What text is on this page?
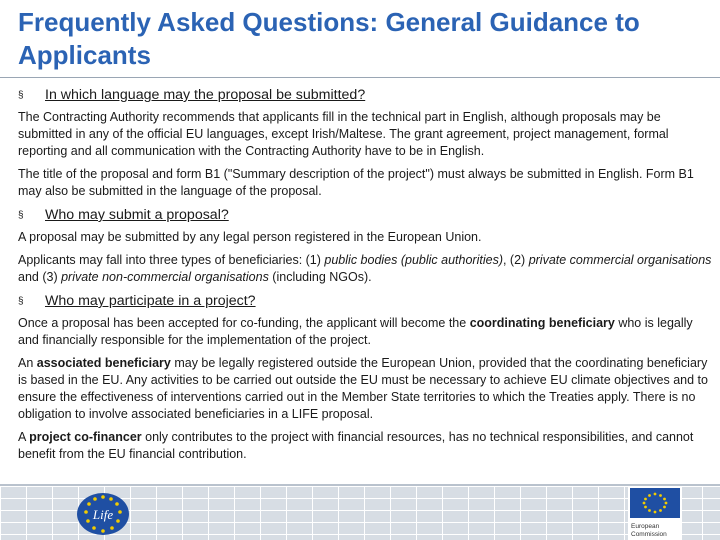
Frequently Asked Questions: General Guidance to Applicants
§ In which language may the proposal be submitted?

The Contracting Authority recommends that applicants fill in the technical part in English, although proposals may be submitted in any of the official EU languages, except Irish/Maltese. The grant agreement, project management, formal reporting and all communication with the Contracting Authority have to be in English.

The title of the proposal and form B1 ("Summary description of the project") must always be submitted in English. Form B1 may also be submitted in the language of the proposal.

§ Who may submit a proposal?

A proposal may be submitted by any legal person registered in the European Union.

Applicants may fall into three types of beneficiaries: (1) public bodies (public authorities), (2) private commercial organisations and (3) private non-commercial organisations (including NGOs).

§ Who may participate in a project?

Once a proposal has been accepted for co-funding, the applicant will become the coordinating beneficiary who is legally and financially responsible for the implementation of the project.

An associated beneficiary may be legally registered outside the European Union, provided that the coordinating beneficiary is based in the EU. Any activities to be carried out outside the EU must be necessary to achieve EU climate objectives and to ensure the effectiveness of interventions carried out in the Member State territories to which the Treaties apply. There is no obligation to involve associated beneficiaries in a LIFE proposal.

A project co-financer only contributes to the project with financial resources, has no technical responsibilities, and cannot benefit from the EU financial contribution.

Life
European
Commission
